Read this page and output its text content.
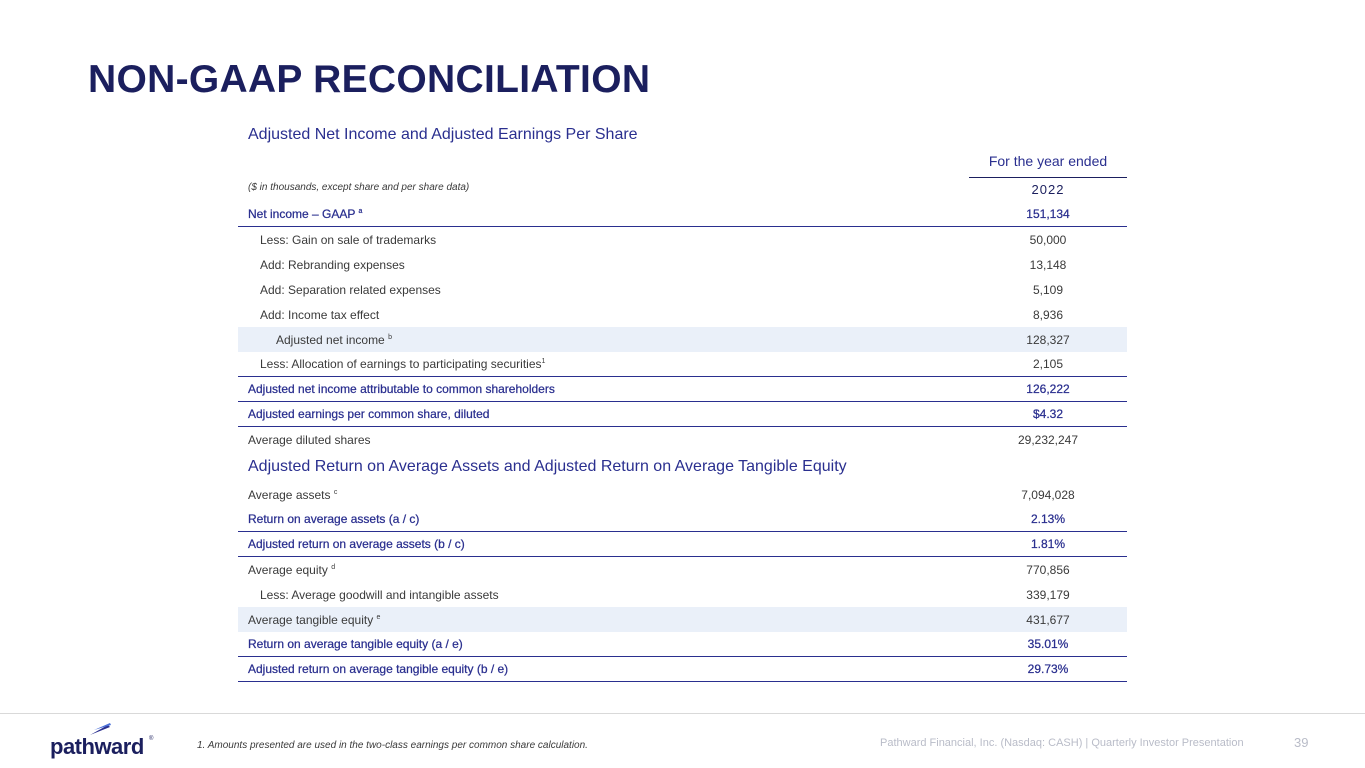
NON-GAAP RECONCILIATION
Adjusted Net Income and Adjusted Earnings Per Share
For the year ended
($ in thousands, except share and per share data)	2022
Net income – GAAP $^a$	151,134
Less: Gain on sale of trademarks	50,000
Add: Rebranding expenses	13,148
Add: Separation related expenses	5,109
Add: Income tax effect	8,936
Adjusted net income $^b$	128,327
Less: Allocation of earnings to participating securities$^1$	2,105
Adjusted net income attributable to common shareholders	126,222
Adjusted earnings per common share, diluted	$4.32
Average diluted shares	29,232,247
Adjusted Return on Average Assets and Adjusted Return on Average Tangible Equity
Average assets $^c$	7,094,028
Return on average assets (a / c)	2.13%
Adjusted return on average assets (b / c)	1.81%
Average equity $^d$	770,856
Less: Average goodwill and intangible assets	339,179
Average tangible equity $^e$	431,677
Return on average tangible equity (a / e)	35.01%
Adjusted return on average tangible equity (b / e)	29.73%
pathward ®
1. Amounts presented are used in the two-class earnings per common share calculation.	Pathward Financial, Inc. (Nasdaq: CASH) | Quarterly Investor Presentation	39
